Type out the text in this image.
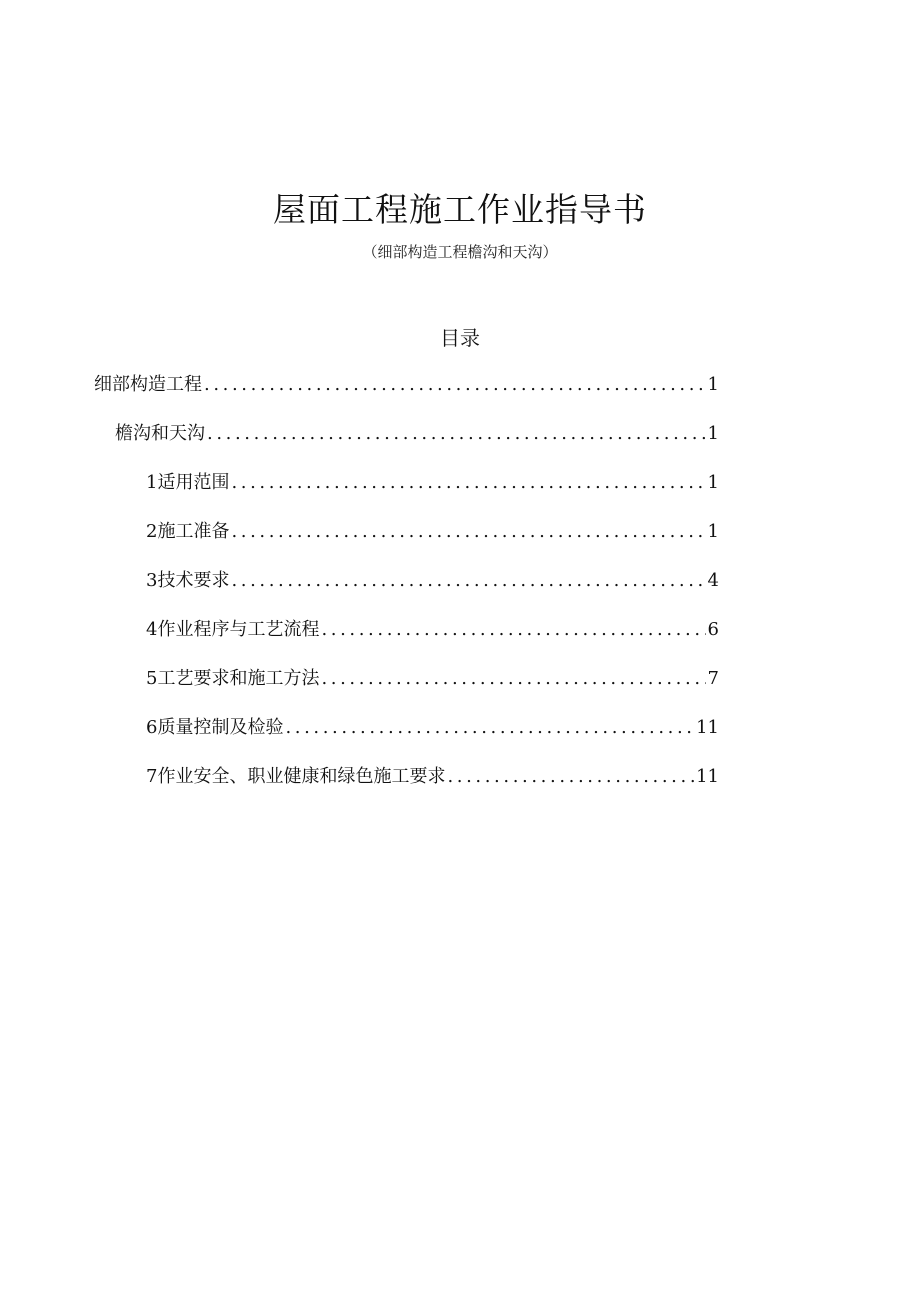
屋面工程施工作业指导书
（细部构造工程檐沟和天沟）
目录
细部构造工程 .....	1
檐沟和天沟 .....	1
1适用范围 .....	1
2施工准备 .....	1
3技术要求 .....	4
4作业程序与工艺流程 .....	6
5工艺要求和施工方法 .....	7
6质量控制及检验 .....	11
7作业安全、职业健康和绿色施工要求 .....	11
